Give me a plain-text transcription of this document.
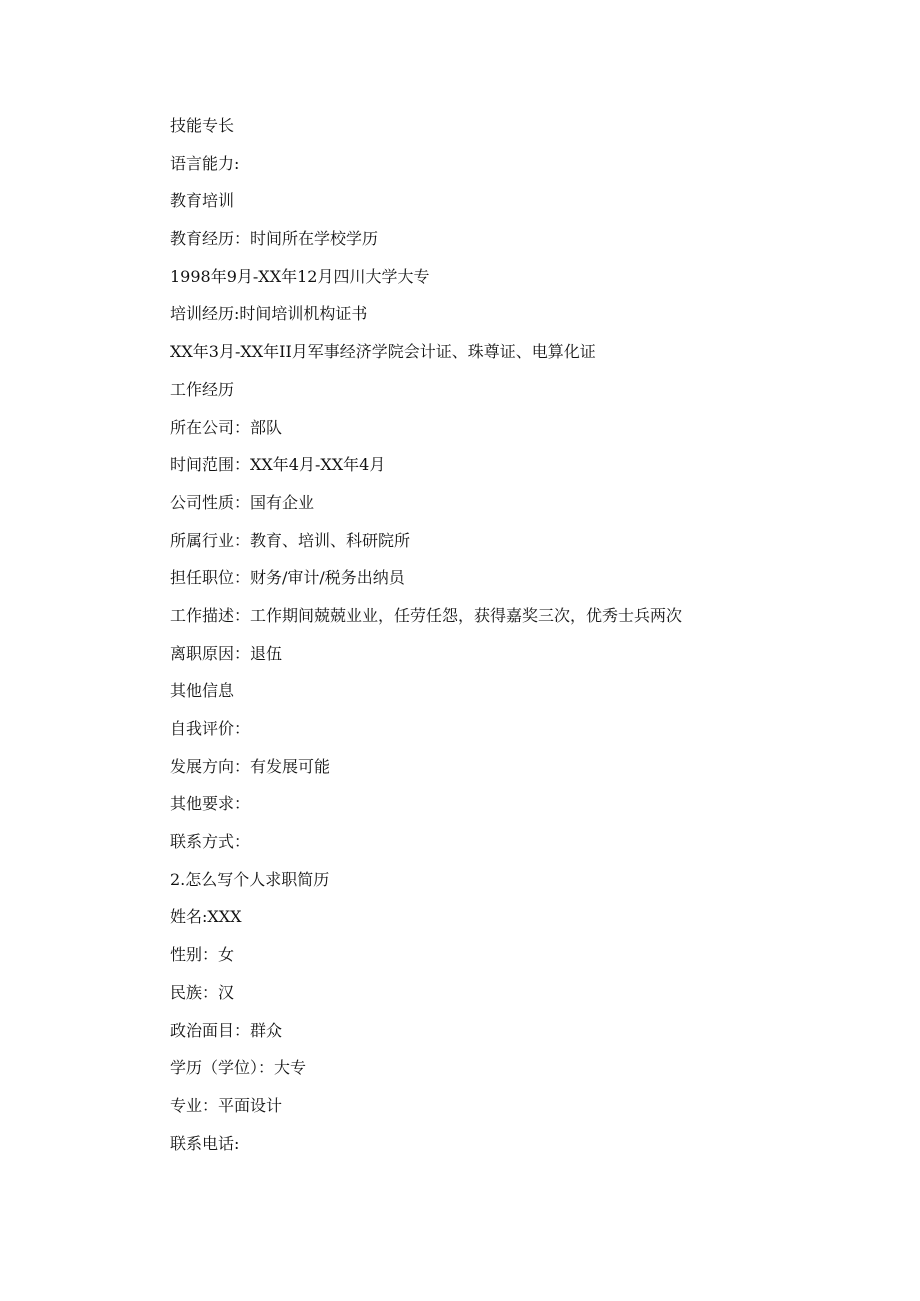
技能专长

语言能力:

教育培训

教育经历：时间所在学校学历

1998年9月-XX年12月四川大学大专

培训经历:时间培训机构证书

XX年3月-XX年II月军事经济学院会计证、珠尊证、电算化证

工作经历

所在公司：部队

时间范围：XX年4月-XX年4月

公司性质：国有企业

所属行业：教育、培训、科研院所

担任职位：财务/审计/税务出纳员

工作描述：工作期间兢兢业业，任劳任怨，获得嘉奖三次，优秀士兵两次

离职原因：退伍

其他信息

自我评价：

发展方向：有发展可能

其他要求：

联系方式：

2.怎么写个人求职简历

姓名:XXX

性别：女

民族：汉

政治面目：群众

学历（学位）：大专

专业：平面设计

联系电话:
